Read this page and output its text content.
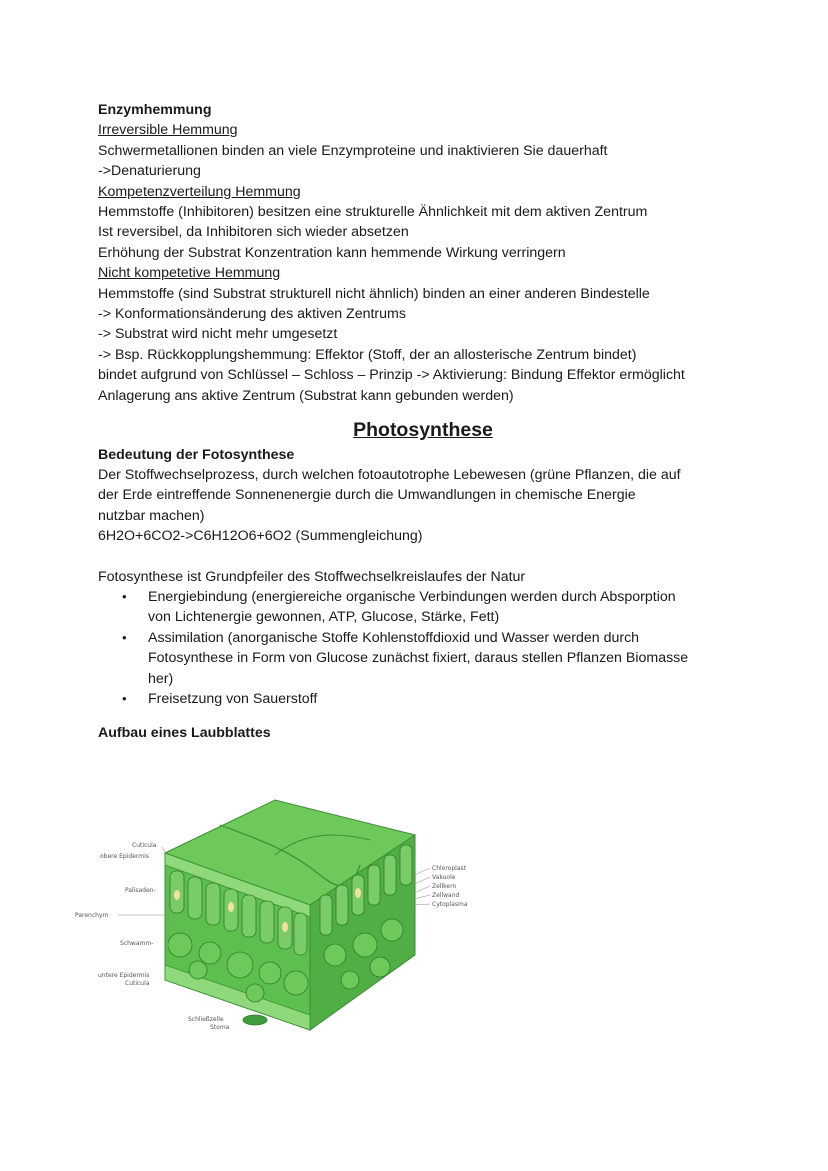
Enzymhemmung
Irreversible Hemmung
Schwermetallionen binden an viele Enzymproteine und inaktivieren Sie dauerhaft
->Denaturierung
Kompetenzverteilung Hemmung
Hemmstoffe (Inhibitoren) besitzen eine strukturelle Ähnlichkeit mit dem aktiven Zentrum
Ist reversibel, da Inhibitoren sich wieder absetzen
Erhöhung der Substrat Konzentration kann hemmende Wirkung verringern
Nicht kompetetive Hemmung
Hemmstoffe (sind Substrat strukturell nicht ähnlich) binden an einer anderen Bindestelle
-> Konformationsänderung des aktiven Zentrums
-> Substrat wird nicht mehr umgesetzt
-> Bsp. Rückkopplungshemmung: Effektor (Stoff, der an allosterische Zentrum bindet)
bindet aufgrund von Schlüssel – Schloss – Prinzip -> Aktivierung: Bindung Effektor ermöglicht
Anlagerung ans aktive Zentrum (Substrat kann gebunden werden)
Photosynthese
Bedeutung der Fotosynthese
Der Stoffwechselprozess, durch welchen fotoautotrophe Lebewesen (grüne Pflanzen, die auf
der Erde eintreffende Sonnenenergie durch die Umwandlungen in chemische Energie
nutzbar machen)
6H2O+6CO2->C6H12O6+6O2 (Summengleichung)
Fotosynthese ist Grundpfeiler des Stoffwechselkreislaufes der Natur
• Energiebindung (energiereiche organische Verbindungen werden durch Absporption
von Lichtenergie gewonnen, ATP, Glucose, Stärke, Fett)
• Assimilation (anorganische Stoffe Kohlenstoffdioxid und Wasser werden durch
Fotosynthese in Form von Glucose zunächst fixiert, daraus stellen Pflanzen Biomasse
her)
• Freisetzung von Sauerstoff
Aufbau eines Laubblattes
Cuticula
obere Epidermis
Palisaden-
Parenchym
Schwamm-
untere Epidermis
Cuticula
Schließzelle
Stoma
Chloroplast
Vakuole
Zellkern
Zellwand
Cytoplasma
